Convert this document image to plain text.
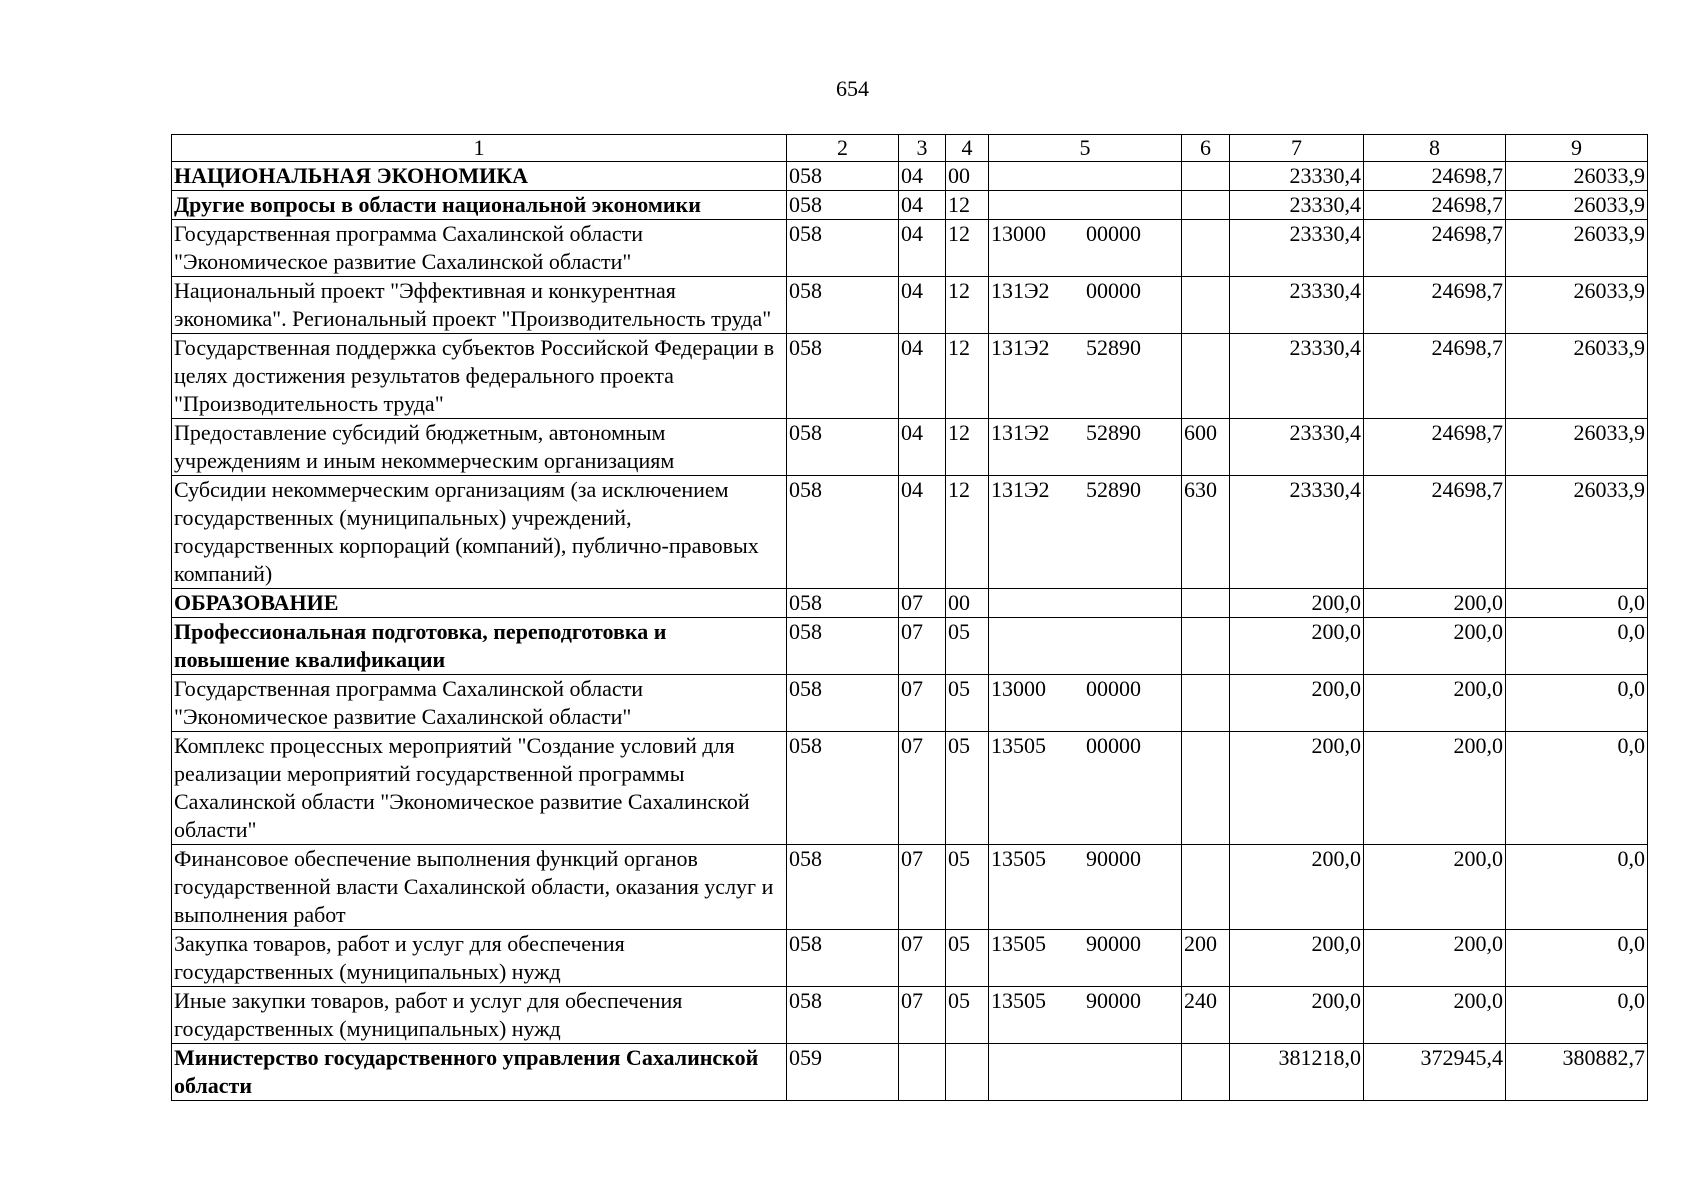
654
1	2	3	4	5	6	7	8	9
НАЦИОНАЛЬНАЯ ЭКОНОМИКА	058	04	00			23330,4	24698,7	26033,9
Другие вопросы в области национальной экономики	058	04	12			23330,4	24698,7	26033,9
Государственная программа Сахалинской области "Экономическое развитие Сахалинской области"	058	04	12	13000 00000		23330,4	24698,7	26033,9
Национальный проект "Эффективная и конкурентная экономика". Региональный проект "Производительность труда"	058	04	12	131Э2 00000		23330,4	24698,7	26033,9
Государственная поддержка субъектов Российской Федерации в целях достижения результатов федерального проекта "Производительность труда"	058	04	12	131Э2 52890		23330,4	24698,7	26033,9
Предоставление субсидий бюджетным, автономным учреждениям и иным некоммерческим организациям	058	04	12	131Э2 52890	600	23330,4	24698,7	26033,9
Субсидии некоммерческим организациям (за исключением государственных (муниципальных) учреждений, государственных корпораций (компаний), публично-правовых компаний)	058	04	12	131Э2 52890	630	23330,4	24698,7	26033,9
ОБРАЗОВАНИЕ	058	07	00			200,0	200,0	0,0
Профессиональная подготовка, переподготовка и повышение квалификации	058	07	05			200,0	200,0	0,0
Государственная программа Сахалинской области "Экономическое развитие Сахалинской области"	058	07	05	13000 00000		200,0	200,0	0,0
Комплекс процессных мероприятий "Создание условий для реализации мероприятий государственной программы Сахалинской области "Экономическое развитие Сахалинской области"	058	07	05	13505 00000		200,0	200,0	0,0
Финансовое обеспечение выполнения функций органов государственной власти Сахалинской области, оказания услуг и выполнения работ	058	07	05	13505 90000		200,0	200,0	0,0
Закупка товаров, работ и услуг для обеспечения государственных (муниципальных) нужд	058	07	05	13505 90000	200	200,0	200,0	0,0
Иные закупки товаров, работ и услуг для обеспечения государственных (муниципальных) нужд	058	07	05	13505 90000	240	200,0	200,0	0,0
Министерство государственного управления Сахалинской области	059					381218,0	372945,4	380882,7
